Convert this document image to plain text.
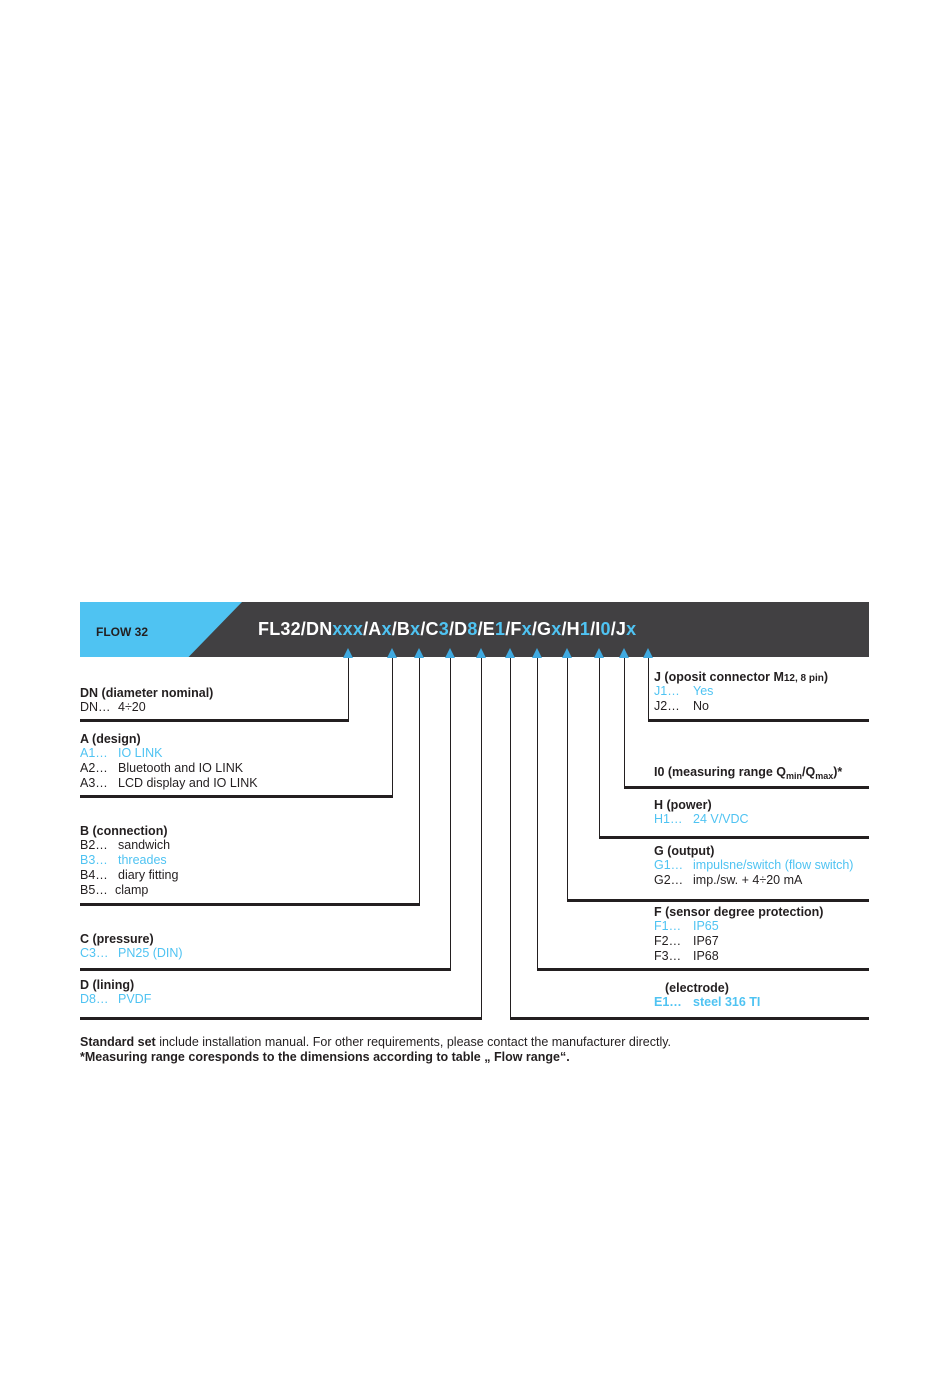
FLOW 32	FL32/DNxxx/Ax/Bx/C3/D8/E1/Fx/Gx/H1/I0/Jx
DN (diameter nominal)
DN… 4÷20
A (design)
A1… IO LINK
A2… Bluetooth and IO LINK
A3… LCD display and IO LINK
B (connection)
B2… sandwich
B3… threades
B4… diary fitting
B5… clamp
C (pressure)
C3… PN25 (DIN)
D (lining)
D8… PVDF
J (oposit connector M12, 8 pin)
J1… Yes
J2… No
I0 (measuring range $Q_{min}/Q_{max})*$
H (power)
H1… 24 V/VDC
G (output)
G1… impulsne/switch (flow switch)
G2… imp./sw. + 4÷20 mA
F (sensor degree protection)
F1… IP65
F2… IP67
F3… IP68
(electrode)
E1… steel 316 TI
Standard set include installation manual. For other requirements, please contact the manufacturer directly.
*Measuring range coresponds to the dimensions according to table „ Flow range“.
